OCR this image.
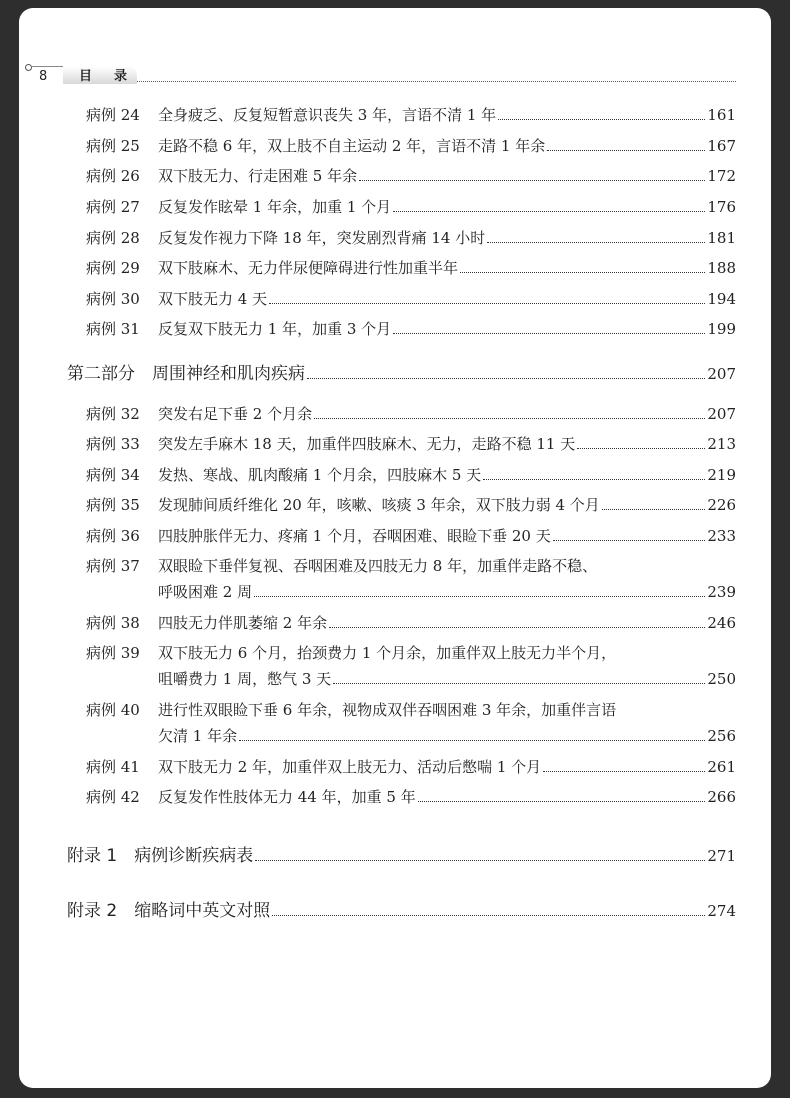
8 目录
病例 24	全身疲乏、反复短暂意识丧失 3 年，言语不清 1 年	161
病例 25	走路不稳 6 年，双上肢不自主运动 2 年，言语不清 1 年余	167
病例 26	双下肢无力、行走困难 5 年余	172
病例 27	反复发作眩晕 1 年余，加重 1 个月	176
病例 28	反复发作视力下降 18 年，突发剧烈背痛 14 小时	181
病例 29	双下肢麻木、无力伴尿便障碍进行性加重半年	188
病例 30	双下肢无力 4 天	194
病例 31	反复双下肢无力 1 年，加重 3 个月	199
第二部分　周围神经和肌肉疾病	207
病例 32	突发右足下垂 2 个月余	207
病例 33	突发左手麻木 18 天，加重伴四肢麻木、无力，走路不稳 11 天	213
病例 34	发热、寒战、肌肉酸痛 1 个月余，四肢麻木 5 天	219
病例 35	发现肺间质纤维化 20 年，咳嗽、咳痰 3 年余，双下肢力弱 4 个月	226
病例 36	四肢肿胀伴无力、疼痛 1 个月，吞咽困难、眼睑下垂 20 天	233
病例 37	双眼睑下垂伴复视、吞咽困难及四肢无力 8 年，加重伴走路不稳、
呼吸困难 2 周	239
病例 38	四肢无力伴肌萎缩 2 年余	246
病例 39	双下肢无力 6 个月，抬颈费力 1 个月余，加重伴双上肢无力半个月，
咀嚼费力 1 周，憋气 3 天	250
病例 40	进行性双眼睑下垂 6 年余，视物成双伴吞咽困难 3 年余，加重伴言语
欠清 1 年余	256
病例 41	双下肢无力 2 年，加重伴双上肢无力、活动后憋喘 1 个月	261
病例 42	反复发作性肢体无力 44 年，加重 5 年	266
附录 1　病例诊断疾病表	271
附录 2　缩略词中英文对照	274
